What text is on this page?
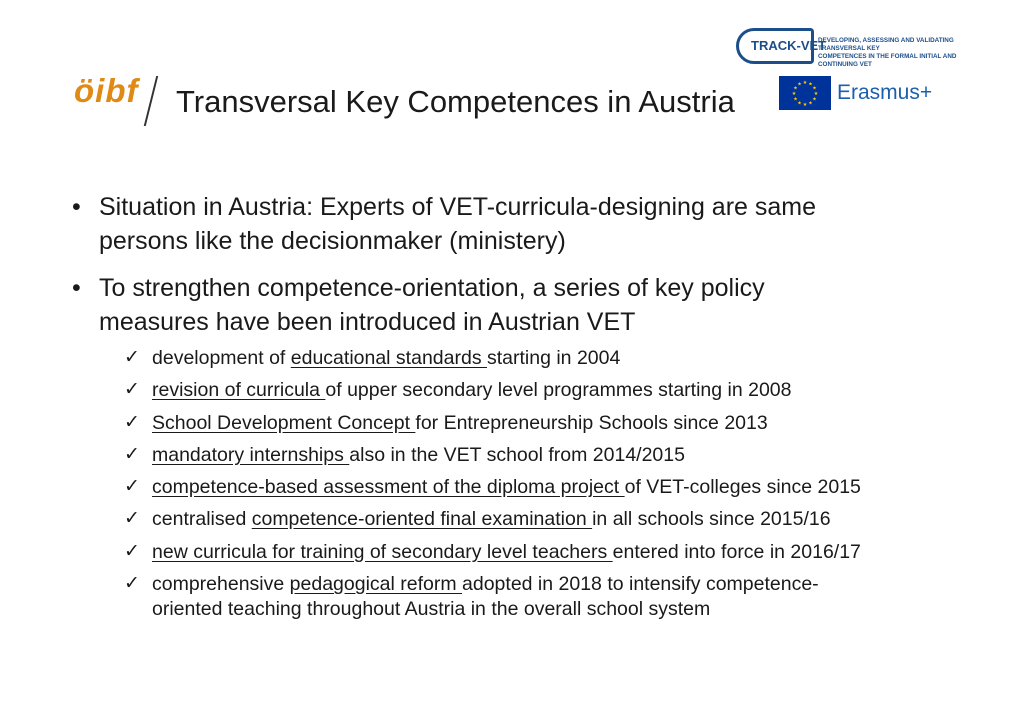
öibf Transversal Key Competences in Austria
TRACK-VET
DEVELOPING, ASSESSING AND VALIDATING TRANSVERSAL KEY
COMPETENCES IN THE FORMAL INITIAL AND CONTINUING VET
★ ★
★
★
★
★
★
★
★
★
★
★ Erasmus+
• Situation in Austria: Experts of VET-curricula-designing are same
persons like the decisionmaker (ministery)
• To strengthen competence-orientation, a series of key policy
measures have been introduced in Austrian VET
✓ development of educational standards starting in 2004
✓ revision of curricula of upper secondary level programmes starting in 2008
✓ School Development Concept for Entrepreneurship Schools since 2013
✓ mandatory internships also in the VET school from 2014/2015
✓ competence-based assessment of the diploma project of VET-colleges since 2015
✓ centralised competence-oriented final examination in all schools since 2015/16
✓ new curricula for training of secondary level teachers entered into force in 2016/17
✓ comprehensive pedagogical reform adopted in 2018 to intensify competence-
oriented teaching throughout Austria in the overall school system
